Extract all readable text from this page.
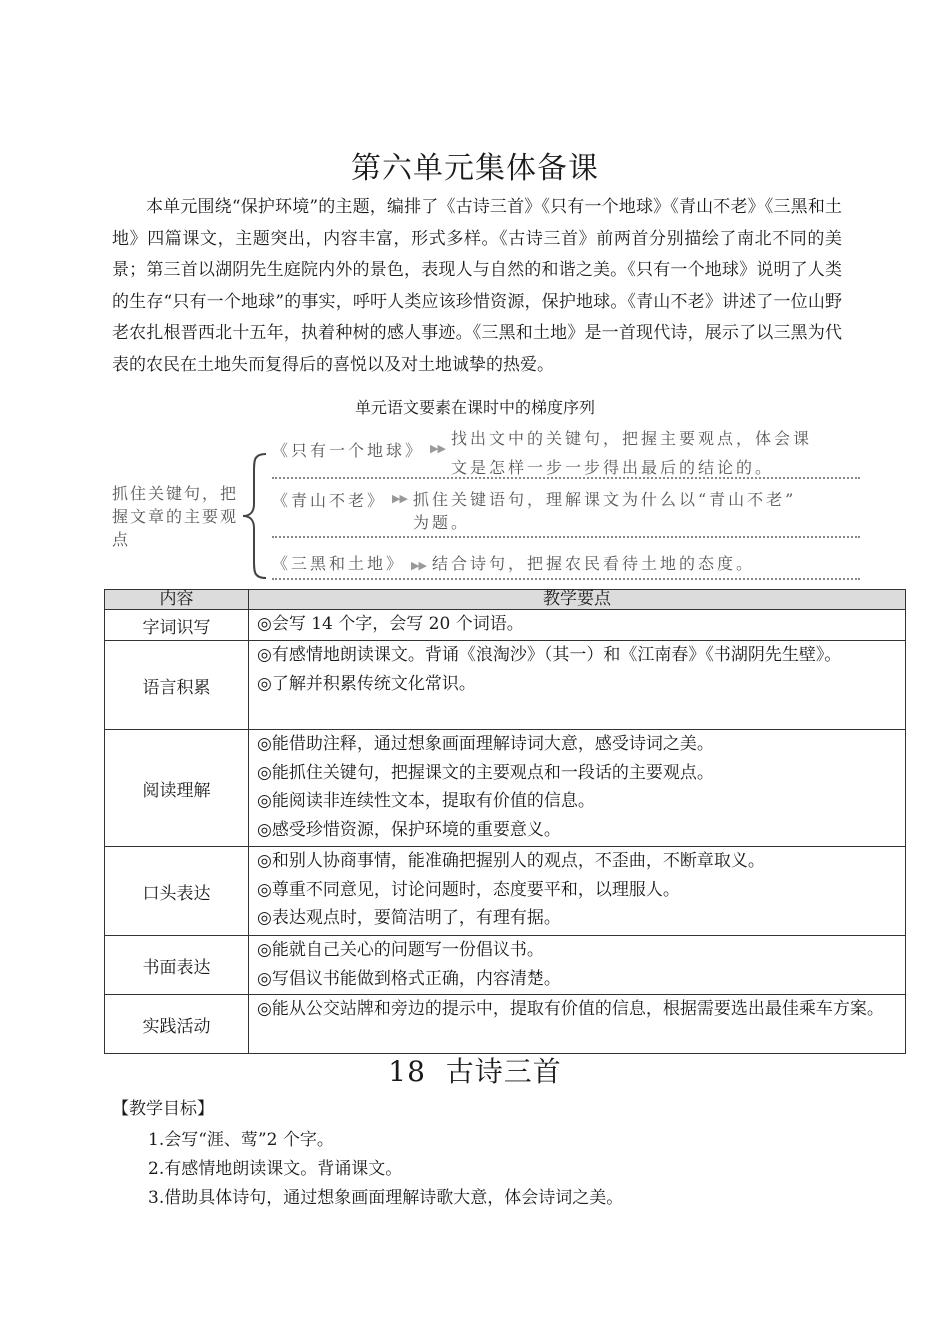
第六单元集体备课
本单元围绕“保护环境”的主题，编排了《古诗三首》《只有一个地球》《青山不老》《三黑和土地》四篇课文，主题突出，内容丰富，形式多样。《古诗三首》前两首分别描绘了南北不同的美景；第三首以湖阴先生庭院内外的景色，表现人与自然的和谐之美。《只有一个地球》说明了人类的生存“只有一个地球”的事实，呼吁人类应该珍惜资源，保护地球。《青山不老》讲述了一位山野老农扎根晋西北十五年，执着种树的感人事迹。《三黑和土地》是一首现代诗，展示了以三黑为代表的农民在土地失而复得后的喜悦以及对土地诚挚的热爱。
单元语文要素在课时中的梯度序列
抓住关键句，把握文章的主要观点
《只有一个地球》 ▶▶找出文中的关键句，把握主要观点，体会课
文是怎样一步一步得出最后的结论的。
《青山不老》 ▶▶ 抓住关键语句，理解课文为什么以“青山不老”
为题。
《三黑和土地》 ▶▶ 结合诗句，把握农民看待土地的态度。
内容	教学要点
字词识写	◎会写 14 个字，会写 20 个词语。

语言积累	◎有感情地朗读课文。背诵《浪淘沙》（其一）和《江南春》《书湖阴先生壁》。
◎了解并积累传统文化常识。

阅读理解	◎能借助注释，通过想象画面理解诗词大意，感受诗词之美。
◎能抓住关键句，把握课文的主要观点和一段话的主要观点。
◎能阅读非连续性文本，提取有价值的信息。
◎感受珍惜资源，保护环境的重要意义。

口头表达	◎和别人协商事情，能准确把握别人的观点，不歪曲，不断章取义。
◎尊重不同意见，讨论问题时，态度要平和，以理服人。
◎表达观点时，要简洁明了，有理有据。

书面表达	◎能就自己关心的问题写一份倡议书。
◎写倡议书能做到格式正确，内容清楚。

实践活动	◎能从公交站牌和旁边的提示中，提取有价值的信息，根据需要选出最佳乘车方案。
18  古诗三首
【教学目标】
1.会写“涯、莺”2 个字。
2.有感情地朗读课文。背诵课文。
3.借助具体诗句，通过想象画面理解诗歌大意，体会诗词之美。
